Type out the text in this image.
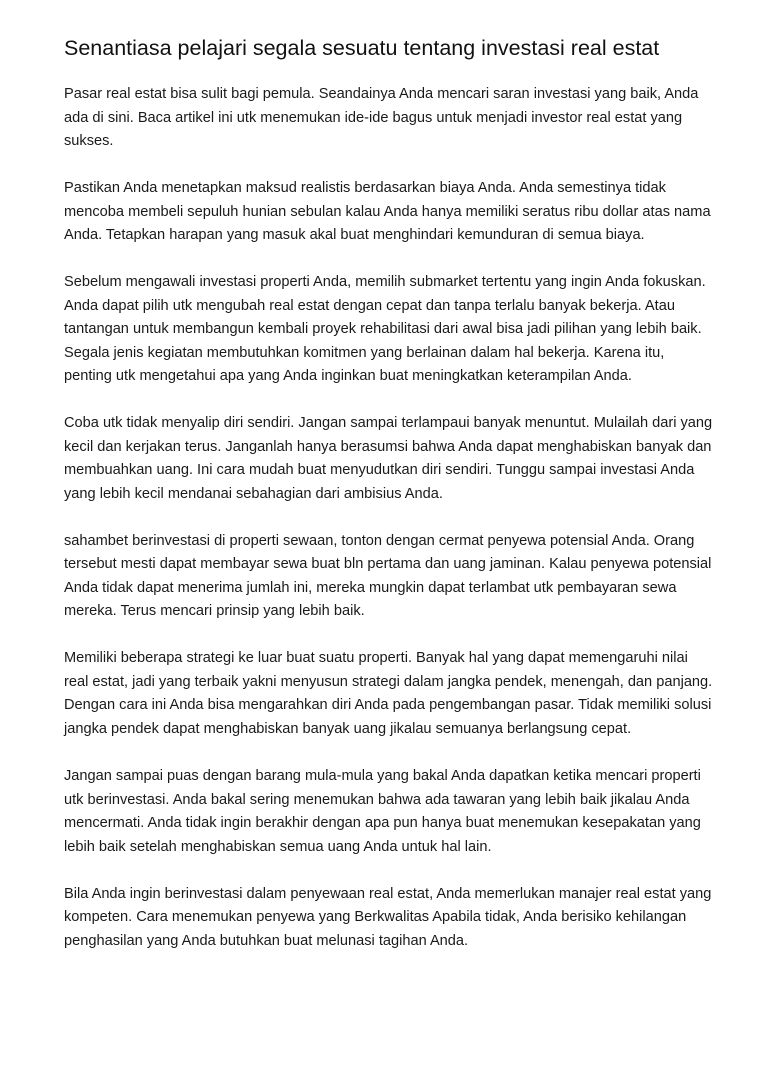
Senantiasa pelajari segala sesuatu tentang investasi real estat

Pasar real estat bisa sulit bagi pemula. Seandainya Anda mencari saran investasi yang baik, Anda ada di sini. Baca artikel ini utk menemukan ide-ide bagus untuk menjadi investor real estat yang sukses.

Pastikan Anda menetapkan maksud realistis berdasarkan biaya Anda. Anda semestinya tidak mencoba membeli sepuluh hunian sebulan kalau Anda hanya memiliki seratus ribu dollar atas nama Anda. Tetapkan harapan yang masuk akal buat menghindari kemunduran di semua biaya.

Sebelum mengawali investasi properti Anda, memilih submarket tertentu yang ingin Anda fokuskan. Anda dapat pilih utk mengubah real estat dengan cepat dan tanpa terlalu banyak bekerja. Atau tantangan untuk membangun kembali proyek rehabilitasi dari awal bisa jadi pilihan yang lebih baik. Segala jenis kegiatan membutuhkan komitmen yang berlainan dalam hal bekerja. Karena itu, penting utk mengetahui apa yang Anda inginkan buat meningkatkan keterampilan Anda.

Coba utk tidak menyalip diri sendiri. Jangan sampai terlampaui banyak menuntut. Mulailah dari yang kecil dan kerjakan terus. Janganlah hanya berasumsi bahwa Anda dapat menghabiskan banyak dan membuahkan uang. Ini cara mudah buat menyudutkan diri sendiri. Tunggu sampai investasi Anda yang lebih kecil mendanai sebahagian dari ambisius Anda.

sahambet berinvestasi di properti sewaan, tonton dengan cermat penyewa potensial Anda. Orang tersebut mesti dapat membayar sewa buat bln pertama dan uang jaminan. Kalau penyewa potensial Anda tidak dapat menerima jumlah ini, mereka mungkin dapat terlambat utk pembayaran sewa mereka. Terus mencari prinsip yang lebih baik.

Memiliki beberapa strategi ke luar buat suatu properti. Banyak hal yang dapat memengaruhi nilai real estat, jadi yang terbaik yakni menyusun strategi dalam jangka pendek, menengah, dan panjang. Dengan cara ini Anda bisa mengarahkan diri Anda pada pengembangan pasar. Tidak memiliki solusi jangka pendek dapat menghabiskan banyak uang jikalau semuanya berlangsung cepat.

Jangan sampai puas dengan barang mula-mula yang bakal Anda dapatkan ketika mencari properti utk berinvestasi. Anda bakal sering menemukan bahwa ada tawaran yang lebih baik jikalau Anda mencermati. Anda tidak ingin berakhir dengan apa pun hanya buat menemukan kesepakatan yang lebih baik setelah menghabiskan semua uang Anda untuk hal lain.

Bila Anda ingin berinvestasi dalam penyewaan real estat, Anda memerlukan manajer real estat yang kompeten. Cara menemukan penyewa yang Berkwalitas Apabila tidak, Anda berisiko kehilangan penghasilan yang Anda butuhkan buat melunasi tagihan Anda.
